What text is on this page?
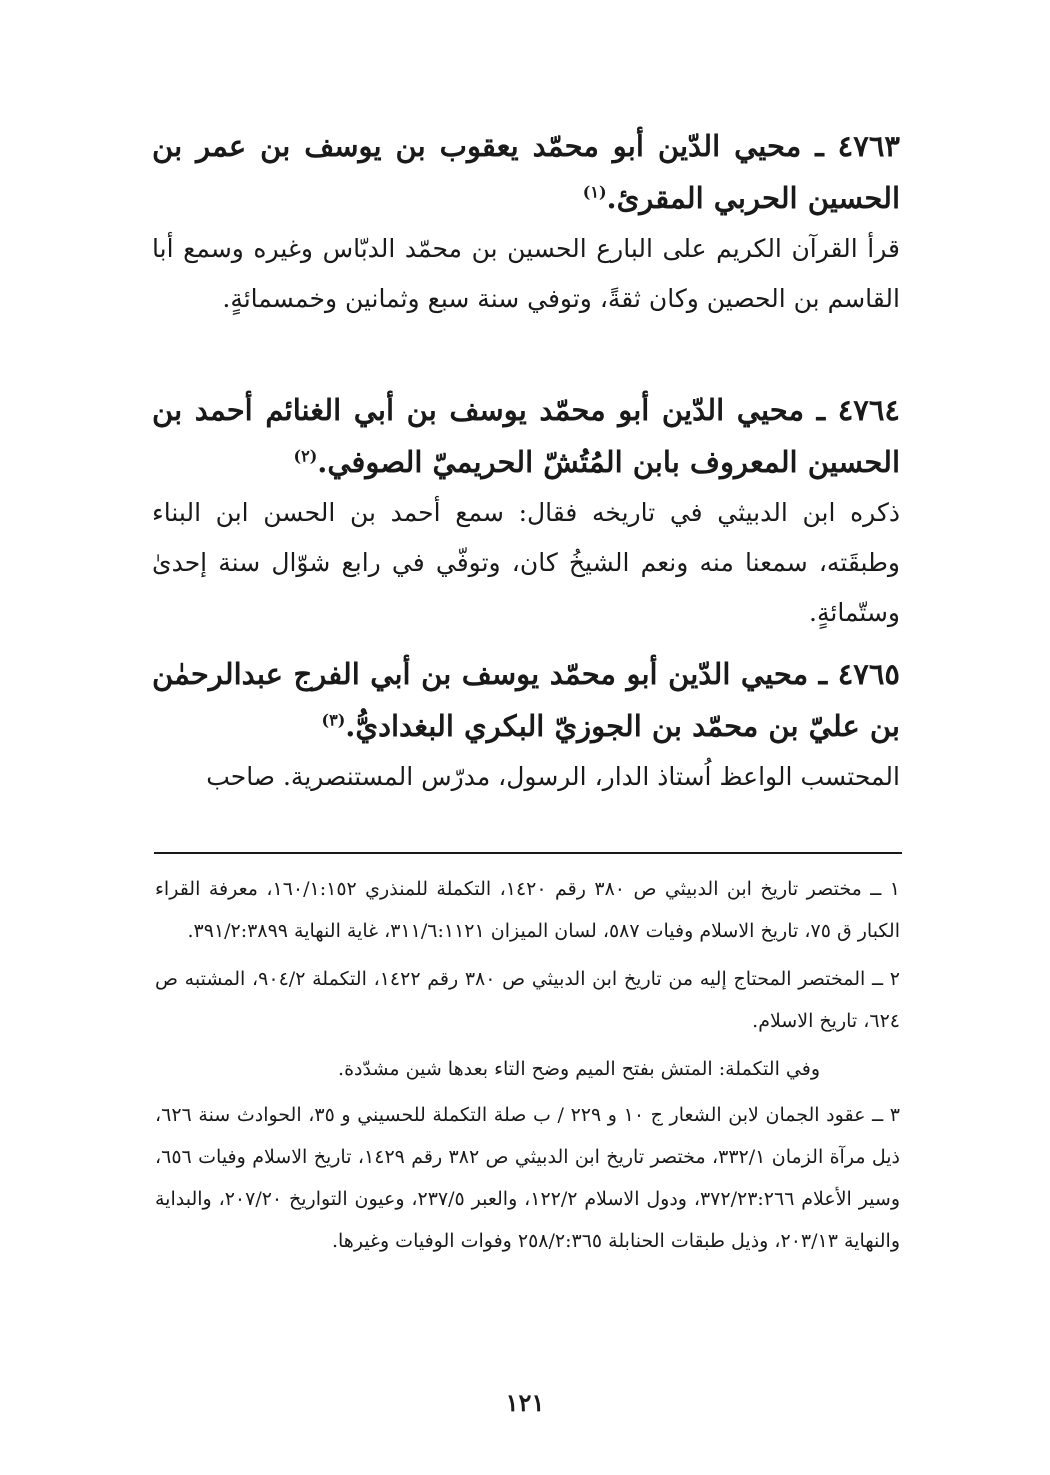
٤٧٦٣ ـ محيي الدّين أبو محمّد يعقوب بن يوسف بن عمر بن الحسين الحربي المقرئ.$^{(١)}$

قرأ القرآن الكريم على البارع الحسين بن محمّد الدبّاس وغيره وسمع أبا القاسم بن الحصين وكان ثقةً، وتوفي سنة سبع وثمانين وخمسمائةٍ.

٤٧٦٤ ـ محيي الدّين أبو محمّد يوسف بن أبي الغنائم أحمد بن الحسين المعروف بابن المُتُشّ الحريميّ الصوفي.$^{(٢)}$

ذكره ابن الدبيثي في تاريخه فقال: سمع أحمد بن الحسن ابن البناء وطبقَته، سمعنا منه ونعم الشيخُ كان، وتوفّي في رابع شوّال سنة إحدىٰ وستّمائةٍ.

٤٧٦٥ ـ محيي الدّين أبو محمّد يوسف بن أبي الفرج عبدالرحمٰن بن عليّ بن محمّد بن الجوزيّ البكري البغداديُّ.$^{(٣)}$

المحتسب الواعظ اُستاذ الدار، الرسول، مدرّس المستنصرية. صاحب

١ ــ مختصر تاريخ ابن الدبيثي ص ٣٨٠ رقم ١٤٢٠، التكملة للمنذري ١٦٠/١:١٥٢، معرفة القراء الكبار ق ٧٥، تاريخ الاسلام وفيات ٥٨٧، لسان الميزان ٣١١/٦:١١٢١، غاية النهاية ٣٩١/٢:٣٨٩٩.

٢ ــ المختصر المحتاج إليه من تاريخ ابن الدبيثي ص ٣٨٠ رقم ١٤٢٢، التكملة ٩٠٤/٢، المشتبه ص ٦٢٤، تاريخ الاسلام.

وفي التكملة: المتش بفتح الميم وضح التاء بعدها شين مشدّدة.

٣ ــ عقود الجمان لابن الشعار ج ١٠ و ٢٢٩ / ب صلة التكملة للحسيني و ٣٥، الحوادث سنة ٦٢٦، ذيل مرآة الزمان ٣٣٢/١، مختصر تاريخ ابن الدبيثي ص ٣٨٢ رقم ١٤٢٩، تاريخ الاسلام وفيات ٦٥٦، وسير الأعلام ٣٧٢/٢٣:٢٦٦، ودول الاسلام ١٢٢/٢، والعبر ٢٣٧/٥، وعيون التواريخ ٢٠٧/٢٠، والبداية والنهاية ٢٠٣/١٣، وذيل طبقات الحنابلة ٢٥٨/٢:٣٦٥ وفوات الوفيات وغيرها.

١٢١
